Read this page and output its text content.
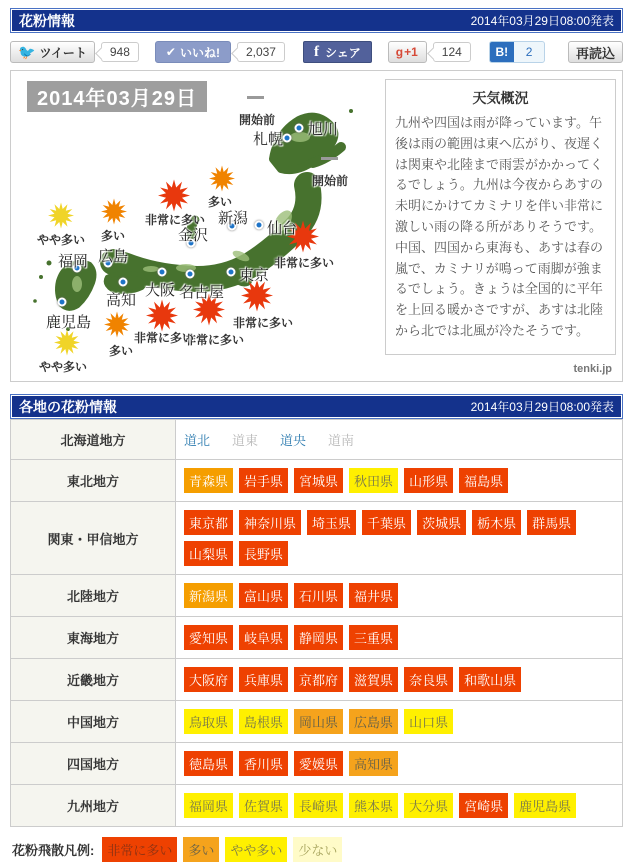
花粉情報	2014年03月29日08:00発表
🐦 ツイート	948	✔ いいね!	2,037	f シェア	g +1	124	B!	2	再読込
2014年03月29日
多い
非常に多い
多い
やや多い
非常に多い
非常に多い
非常に多い
非常に多い
多い
やや多い
旭川
札幌
新潟
仙台
金沢
東京
名古屋
大阪
広島
福岡
高知
鹿児島
開始前
開始前
天気概況

九州や四国は雨が降っています。午後は雨の範囲は東へ広がり、夜遅くは関東や北陸まで雨雲がかかってくるでしょう。九州は今夜からあすの未明にかけてカミナリを伴い非常に激しい雨の降る所がありそうです。中国、四国から東海も、あすは春の嵐で、カミナリが鳴って雨脚が強まるでしょう。きょうは全国的に平年を上回る暖かさですが、あすは北陸から北では北風が冷たそうです。

tenki.jp
各地の花粉情報	2014年03月29日08:00発表
北海道地方	道北 道東 道央 道南
東北地方	青森県 岩手県 宮城県 秋田県 山形県 福島県
関東・甲信地方	東京都 神奈川県 埼玉県 千葉県 茨城県 栃木県 群馬県山梨県 長野県
北陸地方	新潟県 富山県 石川県 福井県
東海地方	愛知県 岐阜県 静岡県 三重県
近畿地方	大阪府 兵庫県 京都府 滋賀県 奈良県 和歌山県
中国地方	鳥取県 島根県 岡山県 広島県 山口県
四国地方	徳島県 香川県 愛媛県 高知県
九州地方	福岡県 佐賀県 長崎県 熊本県 大分県 宮崎県 鹿児島県
花粉飛散凡例:	非常に多い 多い やや多い 少ない
